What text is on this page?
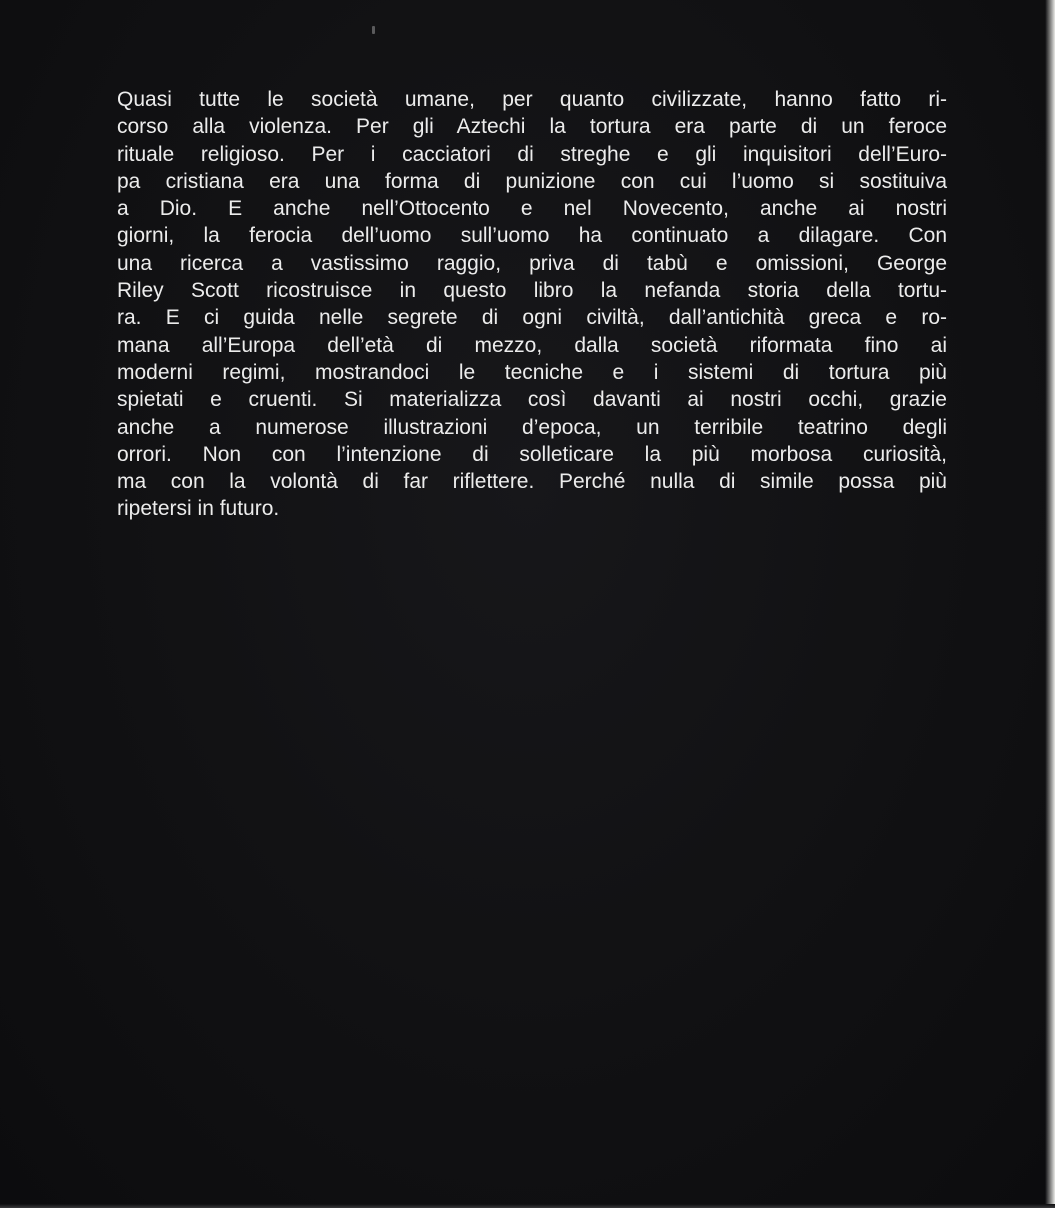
Quasi tutte le società umane, per quanto civilizzate, hanno fatto ri-
corso alla violenza. Per gli Aztechi la tortura era parte di un feroce
rituale religioso. Per i cacciatori di streghe e gli inquisitori dell’Euro-
pa cristiana era una forma di punizione con cui l’uomo si sostituiva
a Dio. E anche nell’Ottocento e nel Novecento, anche ai nostri
giorni, la ferocia dell’uomo sull’uomo ha continuato a dilagare. Con
una ricerca a vastissimo raggio, priva di tabù e omissioni, George
Riley Scott ricostruisce in questo libro la nefanda storia della tortu-
ra. E ci guida nelle segrete di ogni civiltà, dall’antichità greca e ro-
mana all’Europa dell’età di mezzo, dalla società riformata fino ai
moderni regimi, mostrandoci le tecniche e i sistemi di tortura più
spietati e cruenti. Si materializza così davanti ai nostri occhi, grazie
anche a numerose illustrazioni d’epoca, un terribile teatrino degli
orrori. Non con l’intenzione di solleticare la più morbosa curiosità,
ma con la volontà di far riflettere. Perché nulla di simile possa più
ripetersi in futuro.
